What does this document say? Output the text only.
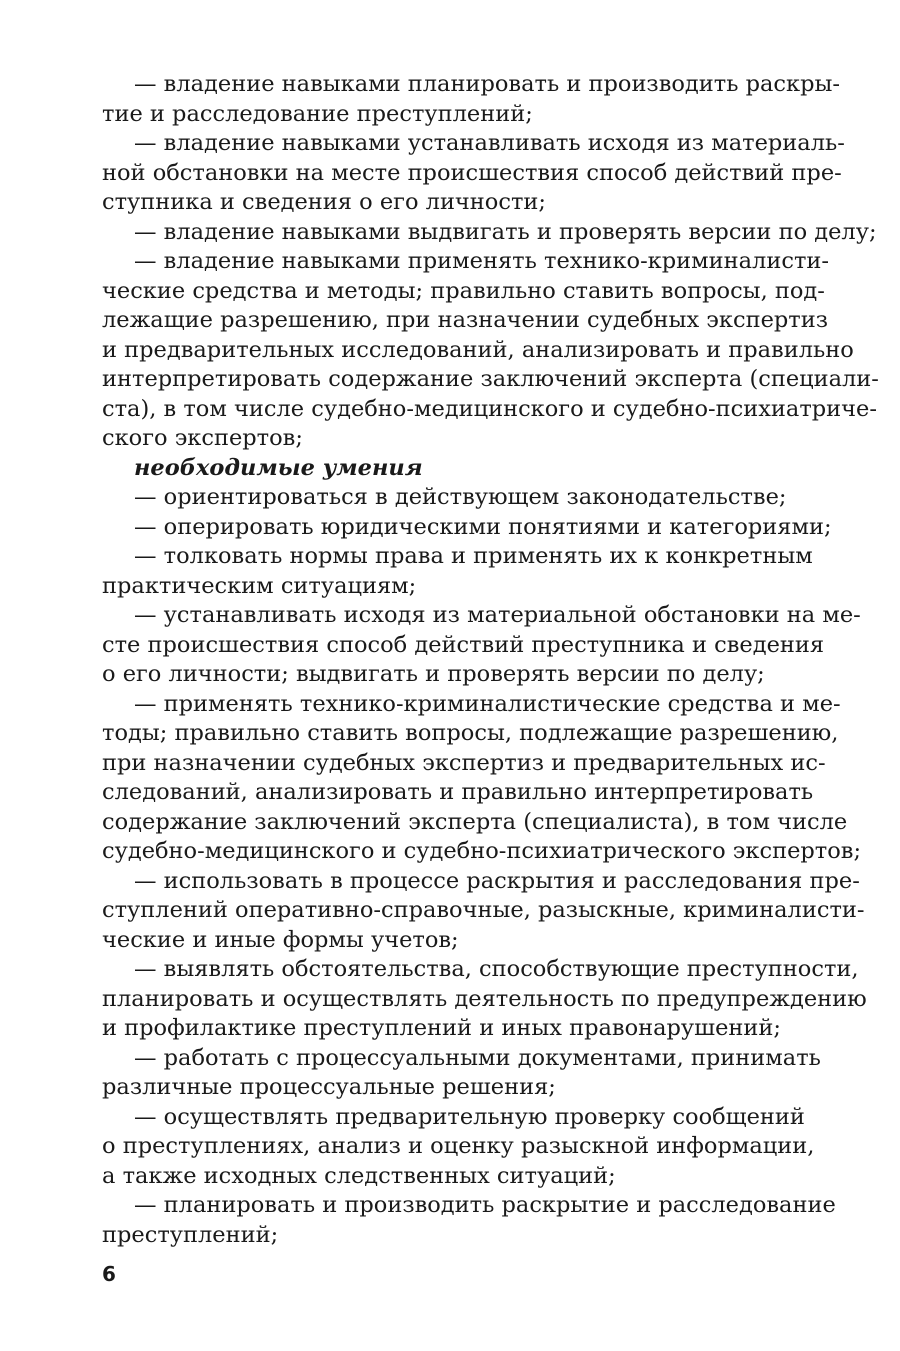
— владение навыками планировать и производить раскры-
тие и расследование преступлений;
— владение навыками устанавливать исходя из материаль-
ной обстановки на месте происшествия способ действий пре-
ступника и сведения о его личности;
— владение навыками выдвигать и проверять версии по делу;
— владение навыками применять технико-криминалисти-
ческие средства и методы; правильно ставить вопросы, под-
лежащие разрешению, при назначении судебных экспертиз
и предварительных исследований, анализировать и правильно
интерпретировать содержание заключений эксперта (специали-
ста), в том числе судебно-медицинского и судебно-психиатриче-
ского экспертов;
необходимые умения
— ориентироваться в действующем законодательстве;
— оперировать юридическими понятиями и категориями;
— толковать нормы права и применять их к конкретным
практическим ситуациям;
— устанавливать исходя из материальной обстановки на ме-
сте происшествия способ действий преступника и сведения
о его личности; выдвигать и проверять версии по делу;
— применять технико-криминалистические средства и ме-
тоды; правильно ставить вопросы, подлежащие разрешению,
при назначении судебных экспертиз и предварительных ис-
следований, анализировать и правильно интерпретировать
содержание заключений эксперта (специалиста), в том числе
судебно-медицинского и судебно-психиатрического экспертов;
— использовать в процессе раскрытия и расследования пре-
ступлений оперативно-справочные, разыскные, криминалисти-
ческие и иные формы учетов;
— выявлять обстоятельства, способствующие преступности,
планировать и осуществлять деятельность по предупреждению
и профилактике преступлений и иных правонарушений;
— работать с процессуальными документами, принимать
различные процессуальные решения;
— осуществлять предварительную проверку сообщений
о преступлениях, анализ и оценку разыскной информации,
а также исходных следственных ситуаций;
— планировать и производить раскрытие и расследование
преступлений;
6
